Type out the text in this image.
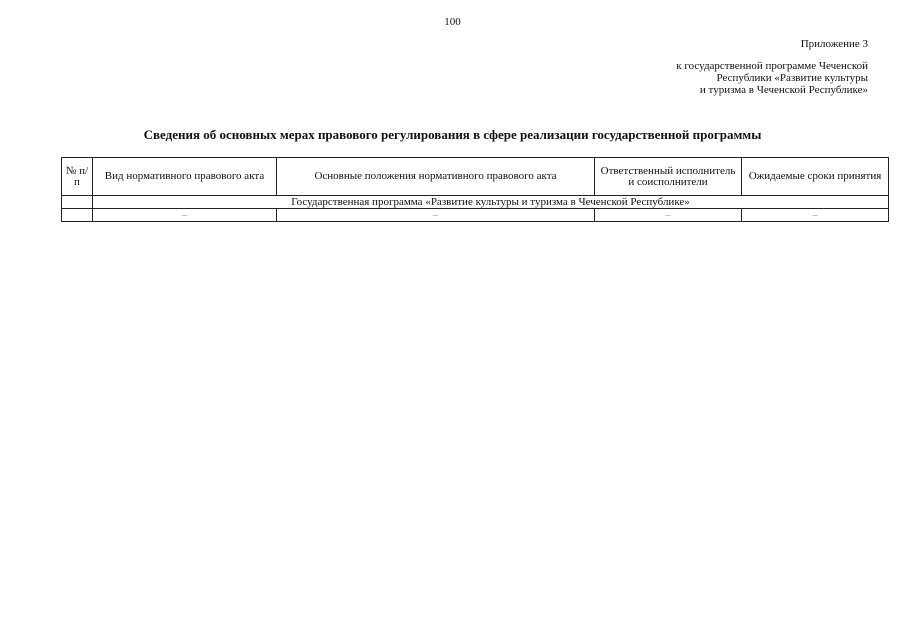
100
Приложение 3
к государственной программе Чеченской
Республики «Развитие культуры
и туризма в Чеченской Республике»
Сведения об основных мерах правового регулирования в сфере реализации государственной программы
№ п/п	Вид нормативного правового акта	Основные положения нормативного правового акта	Ответственный исполнитель и соисполнители	Ожидаемые сроки принятия
	Государственная программа «Развитие культуры и туризма в Чеченской Республике»			
	–	–	–	–
